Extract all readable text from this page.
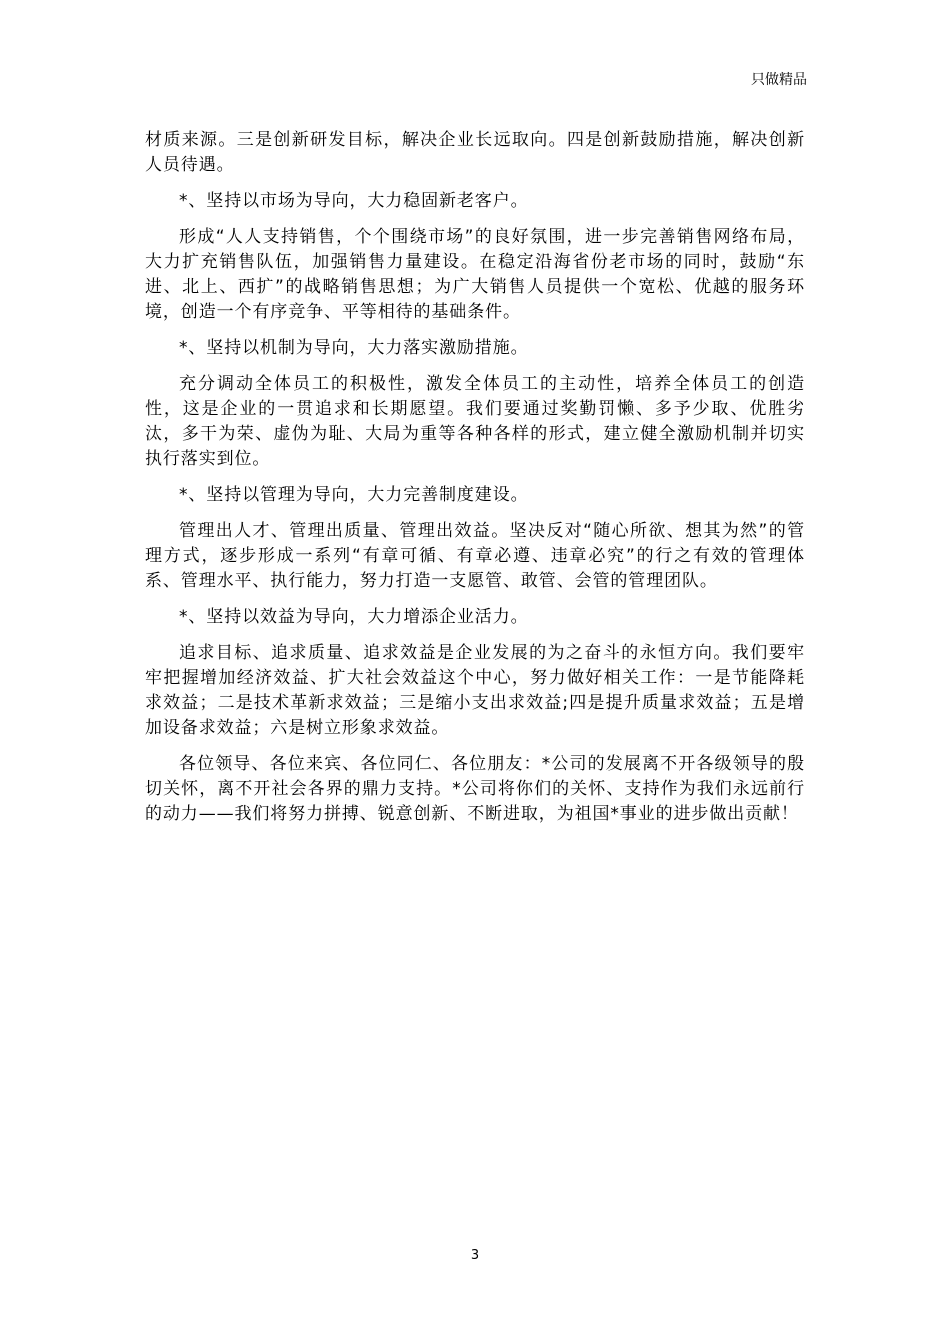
只做精品

材质来源。三是创新研发目标，解决企业长远取向。四是创新鼓励措施，解决创新人员待遇。

*、坚持以市场为导向，大力稳固新老客户。

形成“人人支持销售，个个围绕市场”的良好氛围，进一步完善销售网络布局，大力扩充销售队伍，加强销售力量建设。在稳定沿海省份老市场的同时，鼓励“东进、北上、西扩”的战略销售思想；为广大销售人员提供一个宽松、优越的服务环境，创造一个有序竞争、平等相待的基础条件。

*、坚持以机制为导向，大力落实激励措施。

充分调动全体员工的积极性，激发全体员工的主动性，培养全体员工的创造性，这是企业的一贯追求和长期愿望。我们要通过奖勤罚懒、多予少取、优胜劣汰，多干为荣、虚伪为耻、大局为重等各种各样的形式，建立健全激励机制并切实执行落实到位。

*、坚持以管理为导向，大力完善制度建设。

管理出人才、管理出质量、管理出效益。坚决反对“随心所欲、想其为然”的管理方式，逐步形成一系列“有章可循、有章必遵、违章必究”的行之有效的管理体系、管理水平、执行能力，努力打造一支愿管、敢管、会管的管理团队。

*、坚持以效益为导向，大力增添企业活力。

追求目标、追求质量、追求效益是企业发展的为之奋斗的永恒方向。我们要牢牢把握增加经济效益、扩大社会效益这个中心，努力做好相关工作：一是节能降耗求效益；二是技术革新求效益；三是缩小支出求效益;四是提升质量求效益；五是增加设备求效益；六是树立形象求效益。

各位领导、各位来宾、各位同仁、各位朋友：*公司的发展离不开各级领导的殷切关怀，离不开社会各界的鼎力支持。*公司将你们的关怀、支持作为我们永远前行的动力——我们将努力拼搏、锐意创新、不断进取，为祖国*事业的进步做出贡献！

3
